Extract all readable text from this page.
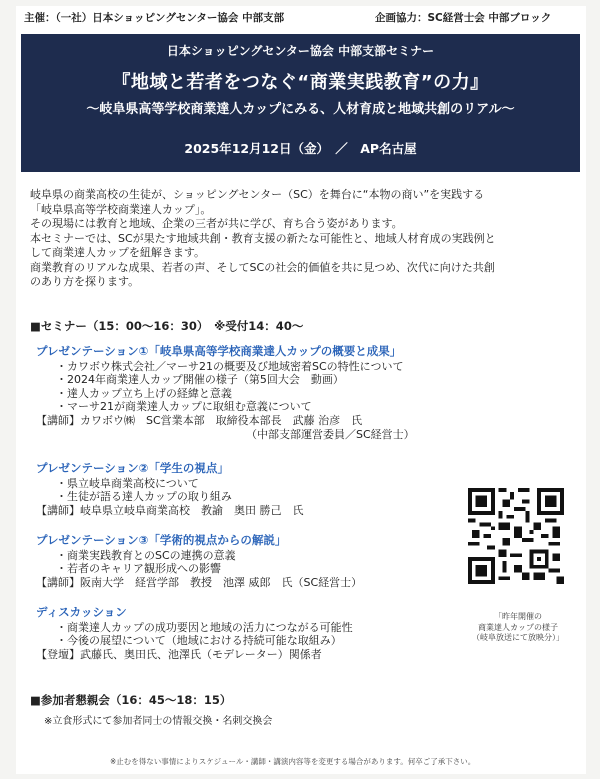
主催：（一社）日本ショッピングセンター協会 中部支部	企画協力：SC経営士会 中部ブロック
日本ショッピングセンター協会 中部支部セミナー
『地域と若者をつなぐ“商業実践教育”の力』
～岐阜県高等学校商業達人カップにみる、人材育成と地域共創のリアル～
2025年12月12日（金）　／　AP名古屋

岐阜県の商業高校の生徒が、ショッピングセンター（SC）を舞台に“本物の商い”を実践する

「岐阜県高等学校商業達人カップ」。

その現場には教育と地域、企業の三者が共に学び、育ち合う姿があります。

本セミナーでは、SCが果たす地域共創・教育支援の新たな可能性と、地域人材育成の実践例と

して商業達人カップを紐解きます。

商業教育のリアルな成果、若者の声、そしてSCの社会的価値を共に見つめ、次代に向けた共創

のあり方を探ります。

■セミナー（15：00〜16：30）　※受付14：40〜
プレゼンテーション①「岐阜県高等学校商業達人カップの概要と成果」
・ カワボウ株式会社／マーサ21の概要及び地域密着SCの特性について
・ 2024年商業達人カップ開催の様子（第5回大会　動画）
・ 達人カップ立ち上げの経緯と意義
・ マーサ21が商業達人カップに取組む意義について
【講師】カワボウ㈱　SC営業本部　取締役本部長　武藤 治彦　氏
（中部支部運営委員／SC経営士）
プレゼンテーション②「学生の視点」
・ 県立岐阜商業高校について
・ 生徒が語る達人カップの取り組み
【講師】岐阜県立岐阜商業高校　教諭　奥田 勝己　氏
プレゼンテーション③「学術的視点からの解説」
・ 商業実践教育とのSCの連携の意義
・ 若者のキャリア観形成への影響
【講師】阪南大学　経営学部　教授　池澤 威郎　氏（SC経営士）
ディスカッション
・ 商業達人カップの成功要因と地域の活力につながる可能性
・ 今後の展望について（地域における持続可能な取組み）
【登壇】武藤氏、奥田氏、池澤氏（モデレーター）関係者
「昨年開催の
商業達人カップの様子
（岐阜放送にて放映分）」
■参加者懇親会（16：45〜18：15）
※立食形式にて参加者同士の情報交換・名刺交換会
※止むを得ない事情によりスケジュール・講師・講演内容等を変更する場合があります。何卒ご了承下さい。
